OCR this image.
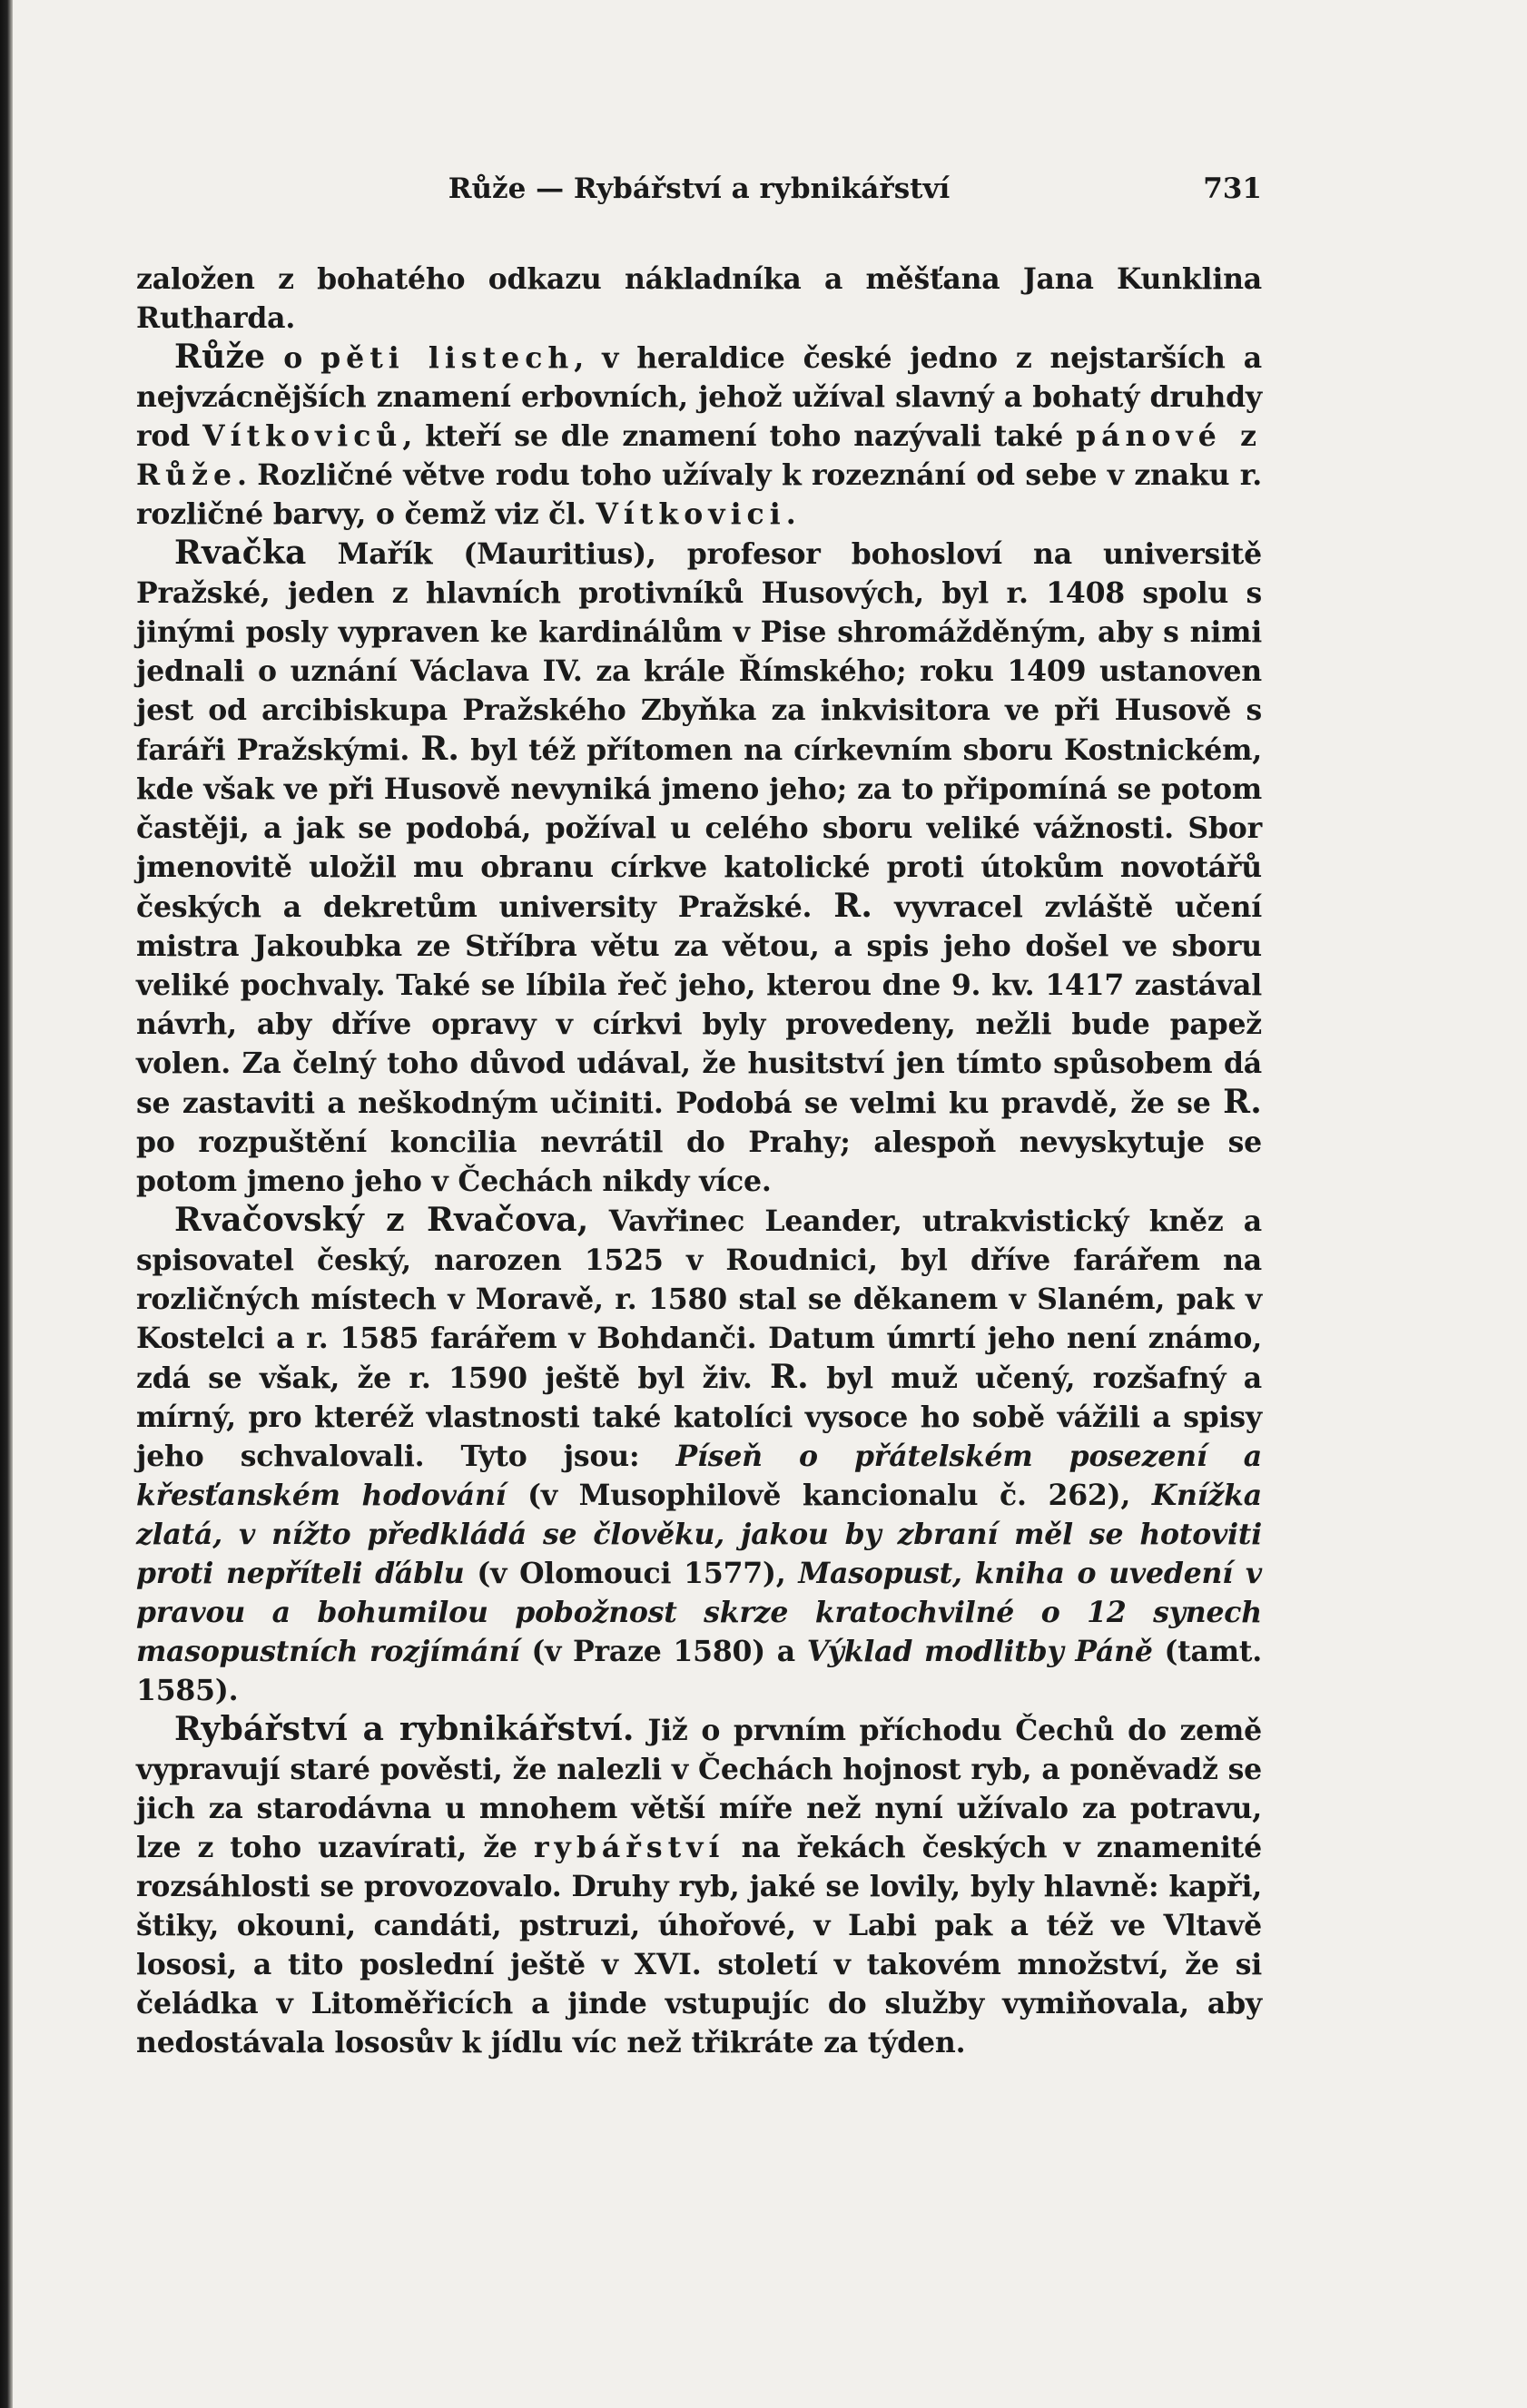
Růže — Rybářství a rybnikářství	731

založen z bohatého odkazu nákladníka a měšťana Jana Kunklina Rutharda.

Růže o pěti listech, v heraldice české jedno z nejstarších a nejvzácnějších znamení erbovních, jehož užíval slavný a bohatý druhdy rod Vítkoviců, kteří se dle znamení toho nazývali také pánové z Růže. Rozličné větve rodu toho užívaly k rozeznání od sebe v znaku r. rozličné barvy, o čemž viz čl. Vítkovici.

Rvačka Mařík (Mauritius), profesor bohosloví na universitě Pražské, jeden z hlavních protivníků Husových, byl r. 1408 spolu s jinými posly vypraven ke kardinálům v Pise shromážděným, aby s nimi jednali o uznání Václava IV. za krále Římského; roku 1409 ustanoven jest od arcibiskupa Pražského Zbyňka za inkvisitora ve při Husově s faráři Pražskými. R. byl též přítomen na církevním sboru Kostnickém, kde však ve při Husově nevyniká jmeno jeho; za to připomíná se potom častěji, a jak se podobá, požíval u celého sboru veliké vážnosti. Sbor jmenovitě uložil mu obranu církve katolické proti útokům novotářů českých a dekretům university Pražské. R. vyvracel zvláště učení mistra Jakoubka ze Stříbra větu za větou, a spis jeho došel ve sboru veliké pochvaly. Také se líbila řeč jeho, kterou dne 9. kv. 1417 zastával návrh, aby dříve opravy v církvi byly provedeny, nežli bude papež volen. Za čelný toho důvod udával, že husitství jen tímto spůsobem dá se zastaviti a neškodným učiniti. Podobá se velmi ku pravdě, že se R. po rozpuštění koncilia nevrátil do Prahy; alespoň nevyskytuje se potom jmeno jeho v Čechách nikdy více.

Rvačovský z Rvačova, Vavřinec Leander, utrakvistický kněz a spisovatel český, narozen 1525 v Roudnici, byl dříve farářem na rozličných místech v Moravě, r. 1580 stal se děkanem v Slaném, pak v Kostelci a r. 1585 farářem v Bohdanči. Datum úmrtí jeho není známo, zdá se však, že r. 1590 ještě byl živ. R. byl muž učený, rozšafný a mírný, pro kteréž vlastnosti také katolíci vysoce ho sobě vážili a spisy jeho schvalovali. Tyto jsou: Píseň o přátelském posezení a křesťanském hodování (v Musophilově kancionalu č. 262), Knížka zlatá, v nížto předkládá se člověku, jakou by zbraní měl se hotoviti proti nepříteli ďáblu (v Olomouci 1577), Masopust, kniha o uvedení v pravou a bohumilou pobožnost skrze kratochvilné o 12 synech masopustních rozjímání (v Praze 1580) a Výklad modlitby Páně (tamt. 1585).

Rybářství a rybnikářství. Již o prvním příchodu Čechů do země vypravují staré pověsti, že nalezli v Čechách hojnost ryb, a poněvadž se jich za starodávna u mnohem větší míře než nyní užívalo za potravu, lze z toho uzavírati, že rybářství na řekách českých v znamenité rozsáhlosti se provozovalo. Druhy ryb, jaké se lovily, byly hlavně: kapři, štiky, okouni, candáti, pstruzi, úhořové, v Labi pak a též ve Vltavě lososi, a tito poslední ještě v XVI. století v takovém množství, že si čeládka v Litoměřicích a jinde vstupujíc do služby vymiňovala, aby nedostávala lososův k jídlu víc než třikráte za týden.
